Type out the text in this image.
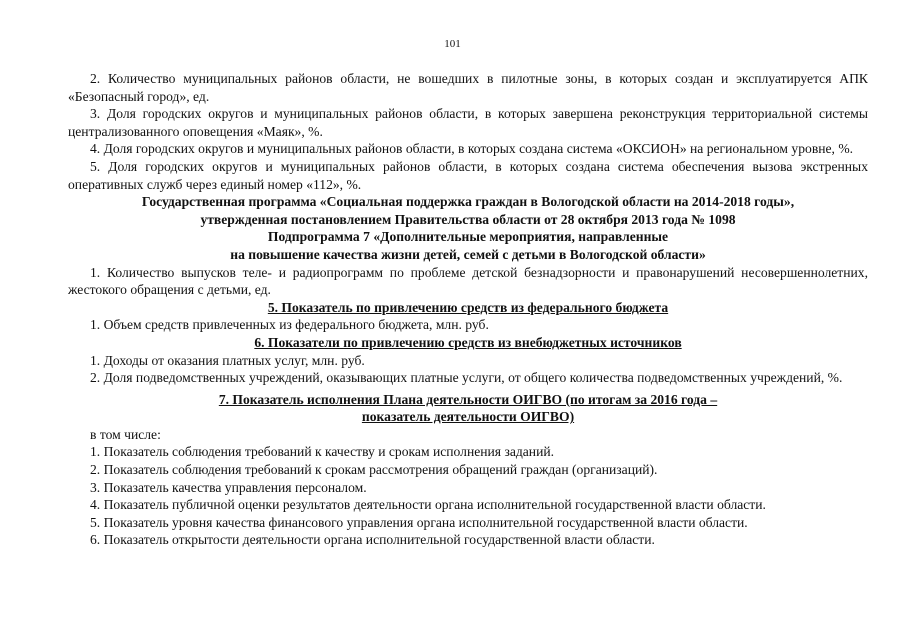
101

2. Количество муниципальных районов области, не вошедших в пилотные зоны, в которых создан и эксплуатируется АПК «Безопасный город», ед.

3. Доля городских округов и муниципальных районов области, в которых завершена реконструкция территориальной системы централизованного оповещения «Маяк», %.

4. Доля городских округов и муниципальных районов области, в которых создана система «ОКСИОН» на региональном уровне, %.

5. Доля городских округов и муниципальных районов области, в которых создана система обеспечения вызова экстренных оперативных служб через единый номер «112», %.

Государственная программа «Социальная поддержка граждан в Вологодской области на 2014-2018 годы»,

утвержденная постановлением Правительства области от 28 октября 2013 года № 1098

Подпрограмма 7 «Дополнительные мероприятия, направленные

на повышение качества жизни детей, семей с детьми в Вологодской области»

1. Количество выпусков теле- и радиопрограмм по проблеме детской безнадзорности и правонарушений несовершеннолетних, жестокого обращения с детьми, ед.

5. Показатель по привлечению средств из федерального бюджета

1. Объем средств привлеченных из федерального бюджета, млн. руб.

6. Показатели по привлечению средств из внебюджетных источников

1. Доходы от оказания платных услуг, млн. руб.

2. Доля подведомственных учреждений, оказывающих платные услуги, от общего количества подведомственных учреждений, %.

7. Показатель исполнения Плана деятельности ОИГВО (по итогам за 2016 года –

показатель деятельности ОИГВО)

в том числе:

1. Показатель соблюдения требований к качеству и срокам исполнения заданий.

2. Показатель соблюдения требований к срокам рассмотрения обращений граждан (организаций).

3. Показатель качества управления персоналом.

4. Показатель публичной оценки результатов деятельности органа исполнительной государственной власти области.

5. Показатель уровня качества финансового управления органа исполнительной государственной власти области.

6. Показатель открытости деятельности органа исполнительной государственной власти области.
